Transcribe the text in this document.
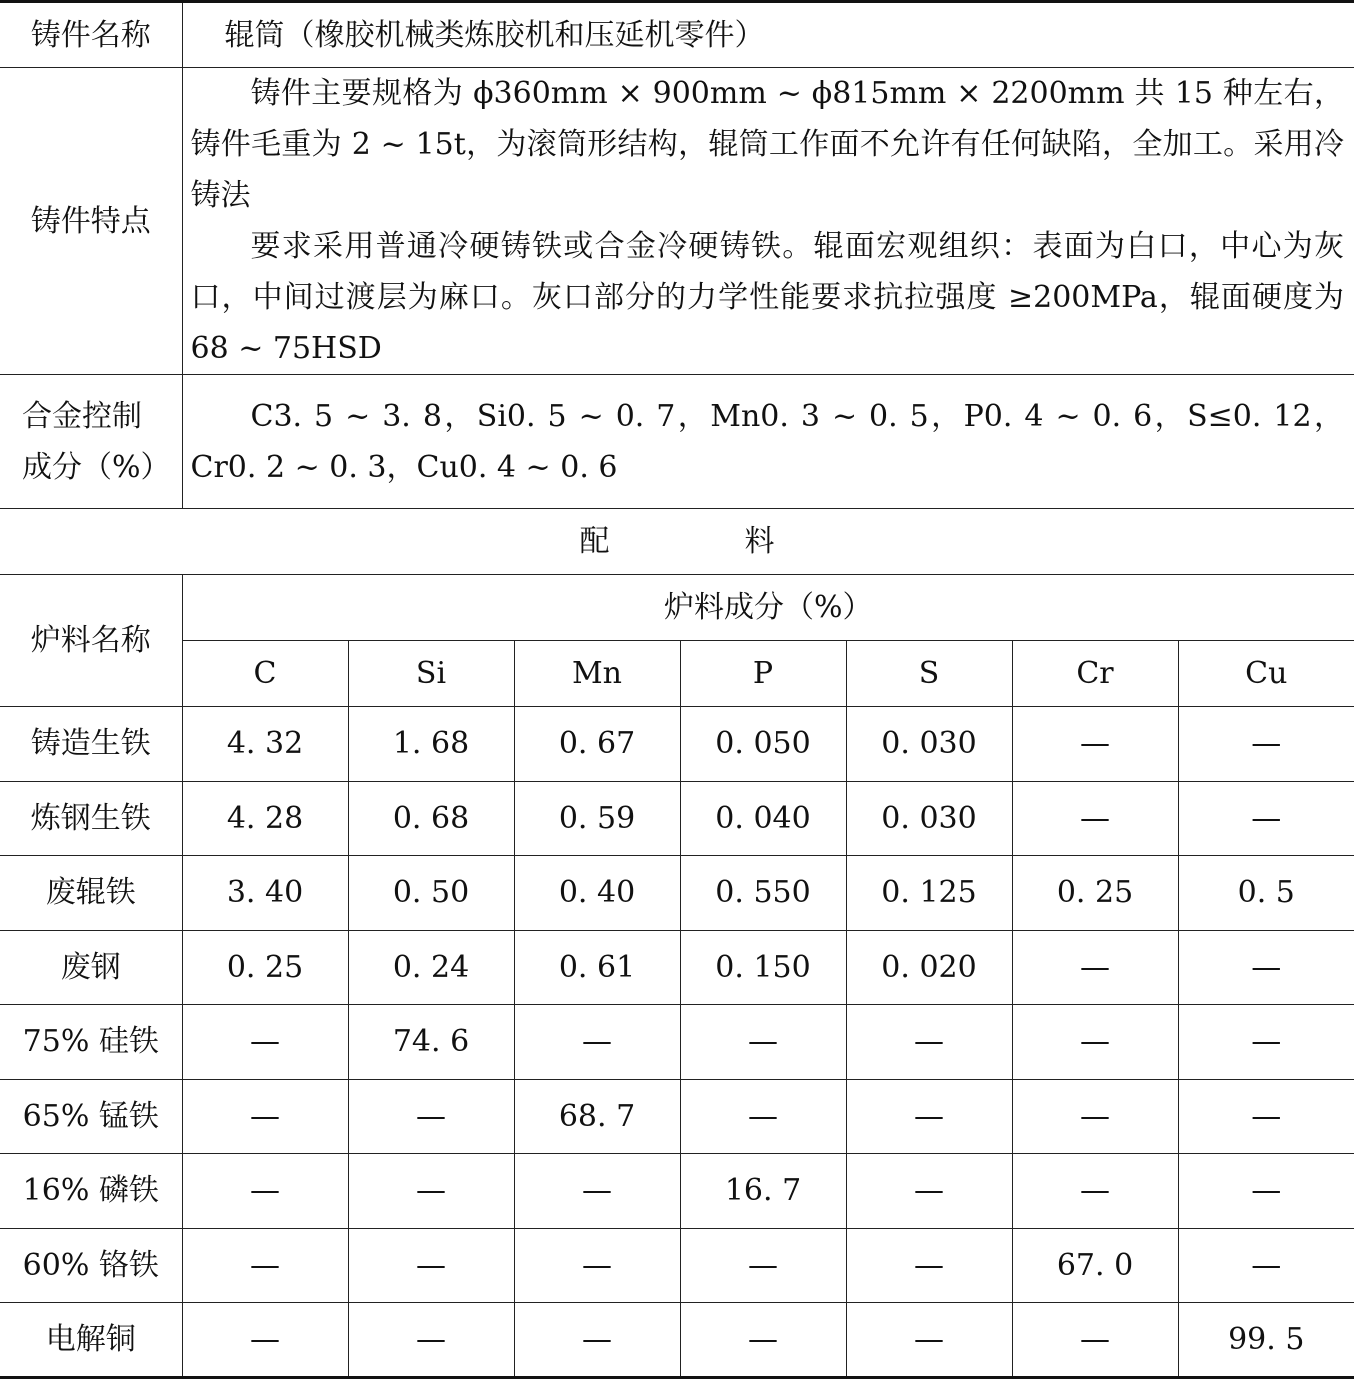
铸件名称	辊筒（橡胶机械类炼胶机和压延机零件）						
铸件特点	铸件主要规格为 ϕ360mm × 900mm ~ ϕ815mm × 2200mm 共 15 种左右，铸件毛重为 2 ~ 15t，为滚筒形结构，辊筒工作面不允许有任何缺陷，全加工。采用冷铸法
要求采用普通冷硬铸铁或合金冷硬铸铁。辊面宏观组织：表面为白口，中心为灰口，中间过渡层为麻口。灰口部分的力学性能要求抗拉强度 ≥200MPa，辊面硬度为 68 ~ 75HSD						

合金控制
成分（%）	C3. 5 ~ 3. 8，Si0. 5 ~ 0. 7，Mn0. 3 ~ 0. 5，P0. 4 ~ 0. 6，S≤0. 12，Cr0. 2 ~ 0. 3，Cu0. 4 ~ 0. 6						
配 料							
炉料名称	炉料成分（%）						
	C	Si	Mn	P	S	Cr	Cu
铸造生铁	4. 32	1. 68	0. 67	0. 050	0. 030	—	—
炼钢生铁	4. 28	0. 68	0. 59	0. 040	0. 030	—	—
废辊铁	3. 40	0. 50	0. 40	0. 550	0. 125	0. 25	0. 5
废钢	0. 25	0. 24	0. 61	0. 150	0. 020	—	—
75% 硅铁	—	74. 6	—	—	—	—	—
65% 锰铁	—	—	68. 7	—	—	—	—
16% 磷铁	—	—	—	16. 7	—	—	—
60% 铬铁	—	—	—	—	—	67. 0	—
电解铜	—	—	—	—	—	—	99. 5
